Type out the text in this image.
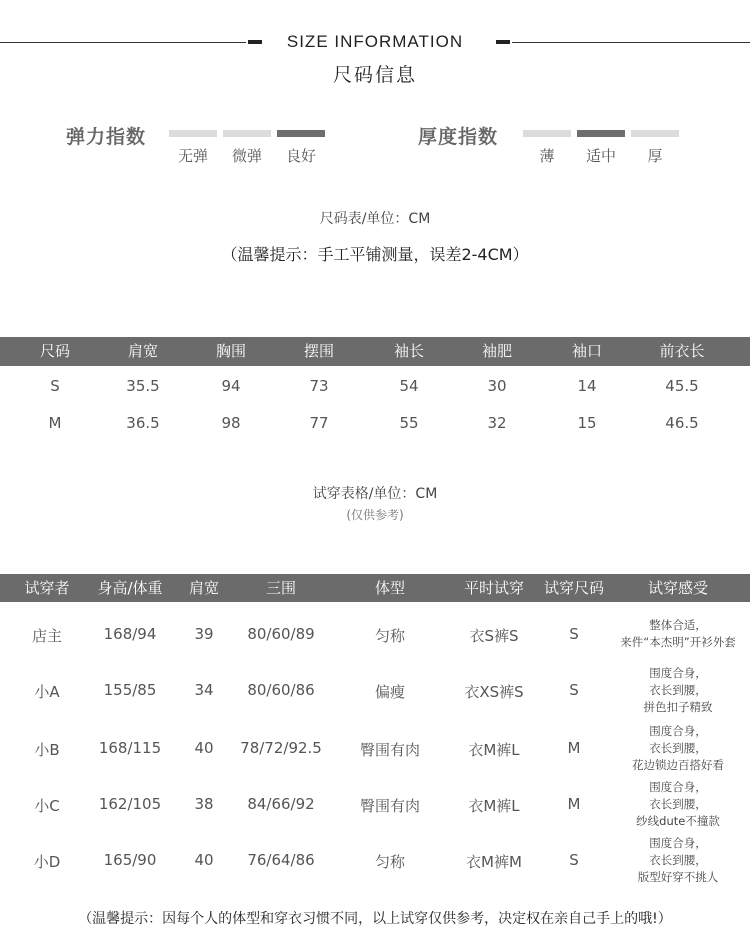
SIZE INFORMATION
尺码信息
弹力指数
无弹	微弹	良好
厚度指数
薄	适中	厚
尺码表/单位：CM
（温馨提示：手工平铺测量，误差2-4CM）
尺码	肩宽	胸围	摆围	袖长	袖肥	袖口	前衣长
S	35.5	94	73	54	30	14	45.5
M	36.5	98	77	55	32	15	46.5
试穿表格/单位：CM
(仅供参考)
试穿者	身高/体重	肩宽	三围	体型	平时试穿	试穿尺码	试穿感受
店主	168/94	39	80/60/89	匀称	衣S裤S	S	整体合适，
来件“本杰明”开衫外套
小A	155/85	34	80/60/86	偏瘦	衣XS裤S	S
围度合身，
衣长到腰，
拼色扣子精致
小B	168/115	40	78/72/92.5	臀围有肉	衣M裤L	M
围度合身，
衣长到腰，
花边锁边百搭好看
小C	162/105	38	84/66/92	臀围有肉	衣M裤L	M
围度合身，
衣长到腰，
纱线dute不撞款
小D	165/90	40	76/64/86	匀称	衣M裤M	S
围度合身，
衣长到腰，
版型好穿不挑人
（温馨提示：因每个人的体型和穿衣习惯不同，以上试穿仅供参考，决定权在亲自己手上的哦!）
